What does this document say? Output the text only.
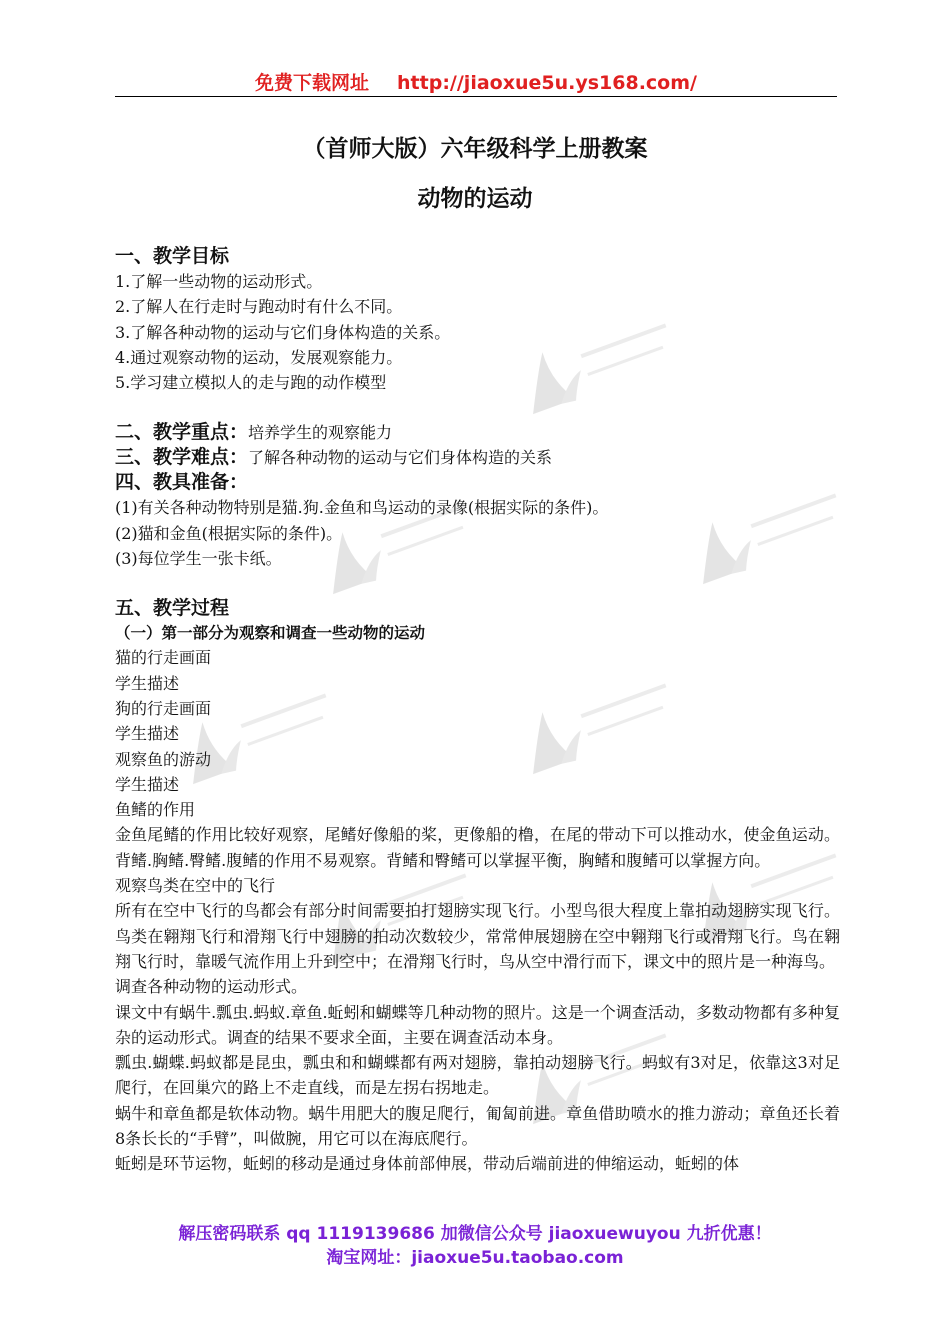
免费下载网址 http://jiaoxue5u.ys168.com/
（首师大版）六年级科学上册教案
动物的运动
一、教学目标
1.了解一些动物的运动形式。
2.了解人在行走时与跑动时有什么不同。
3.了解各种动物的运动与它们身体构造的关系。
4.通过观察动物的运动，发展观察能力。
5.学习建立模拟人的走与跑的动作模型
二、教学重点：培养学生的观察能力
三、教学难点：了解各种动物的运动与它们身体构造的关系
四、教具准备：
(1)有关各种动物特别是猫.狗.金鱼和鸟运动的录像(根据实际的条件)。
(2)猫和金鱼(根据实际的条件)。
(3)每位学生一张卡纸。
五、教学过程
（一）第一部分为观察和调查一些动物的运动
猫的行走画面
学生描述
狗的行走画面
学生描述
观察鱼的游动
学生描述
鱼鳍的作用
金鱼尾鳍的作用比较好观察，尾鳍好像船的桨，更像船的橹，在尾的带动下可以推动水，使金鱼运动。背鳍.胸鳍.臀鳍.腹鳍的作用不易观察。背鳍和臀鳍可以掌握平衡，胸鳍和腹鳍可以掌握方向。
观察鸟类在空中的飞行
所有在空中飞行的鸟都会有部分时间需要拍打翅膀实现飞行。小型鸟很大程度上靠拍动翅膀实现飞行。鸟类在翱翔飞行和滑翔飞行中翅膀的拍动次数较少，常常伸展翅膀在空中翱翔飞行或滑翔飞行。鸟在翱翔飞行时，靠暖气流作用上升到空中；在滑翔飞行时，鸟从空中滑行而下，课文中的照片是一种海鸟。
调查各种动物的运动形式。
课文中有蜗牛.瓢虫.蚂蚁.章鱼.蚯蚓和蝴蝶等几种动物的照片。这是一个调查活动，多数动物都有多种复杂的运动形式。调查的结果不要求全面，主要在调查活动本身。
瓢虫.蝴蝶.蚂蚁都是昆虫，瓢虫和和蝴蝶都有两对翅膀，靠拍动翅膀飞行。蚂蚁有3对足，依靠这3对足爬行，在回巢穴的路上不走直线，而是左拐右拐地走。
蜗牛和章鱼都是软体动物。蜗牛用肥大的腹足爬行，匍匐前进。章鱼借助喷水的推力游动；章鱼还长着8条长长的“手臂”，叫做腕，用它可以在海底爬行。
蚯蚓是环节运物，蚯蚓的移动是通过身体前部伸展，带动后端前进的伸缩运动，蚯蚓的体
解压密码联系 qq 1119139686 加微信公众号 jiaoxuewuyou 九折优惠！
淘宝网址：jiaoxue5u.taobao.com
